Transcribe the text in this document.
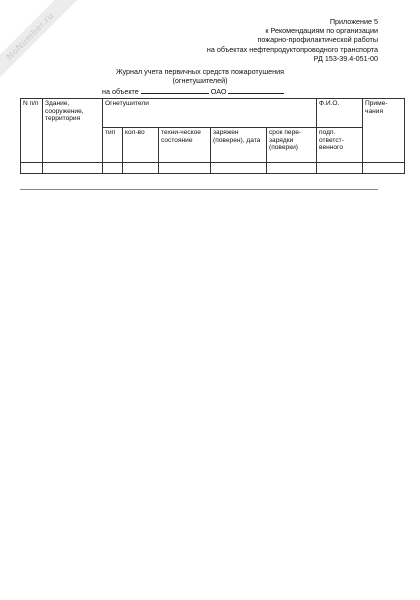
NoNumber.ru	Приложение 5
к Рекомендациям по организации
пожарно-профилактической работы
на объектах нефтепродуктопроводного транспорта
РД 153-39.4-051-00
Журнал учета первичных средств пожаротушения
(огнетушителей)
на объекте	ОАО
N п/п	Здание, сооружение, территория	Огнетушители					Ф.И.О.	Приме-чания
		тип	кол-во	техни-ческое состояние	заряжен (поверен), дата	срок пере-зарядки (поверки)	подп. ответст-венного	
